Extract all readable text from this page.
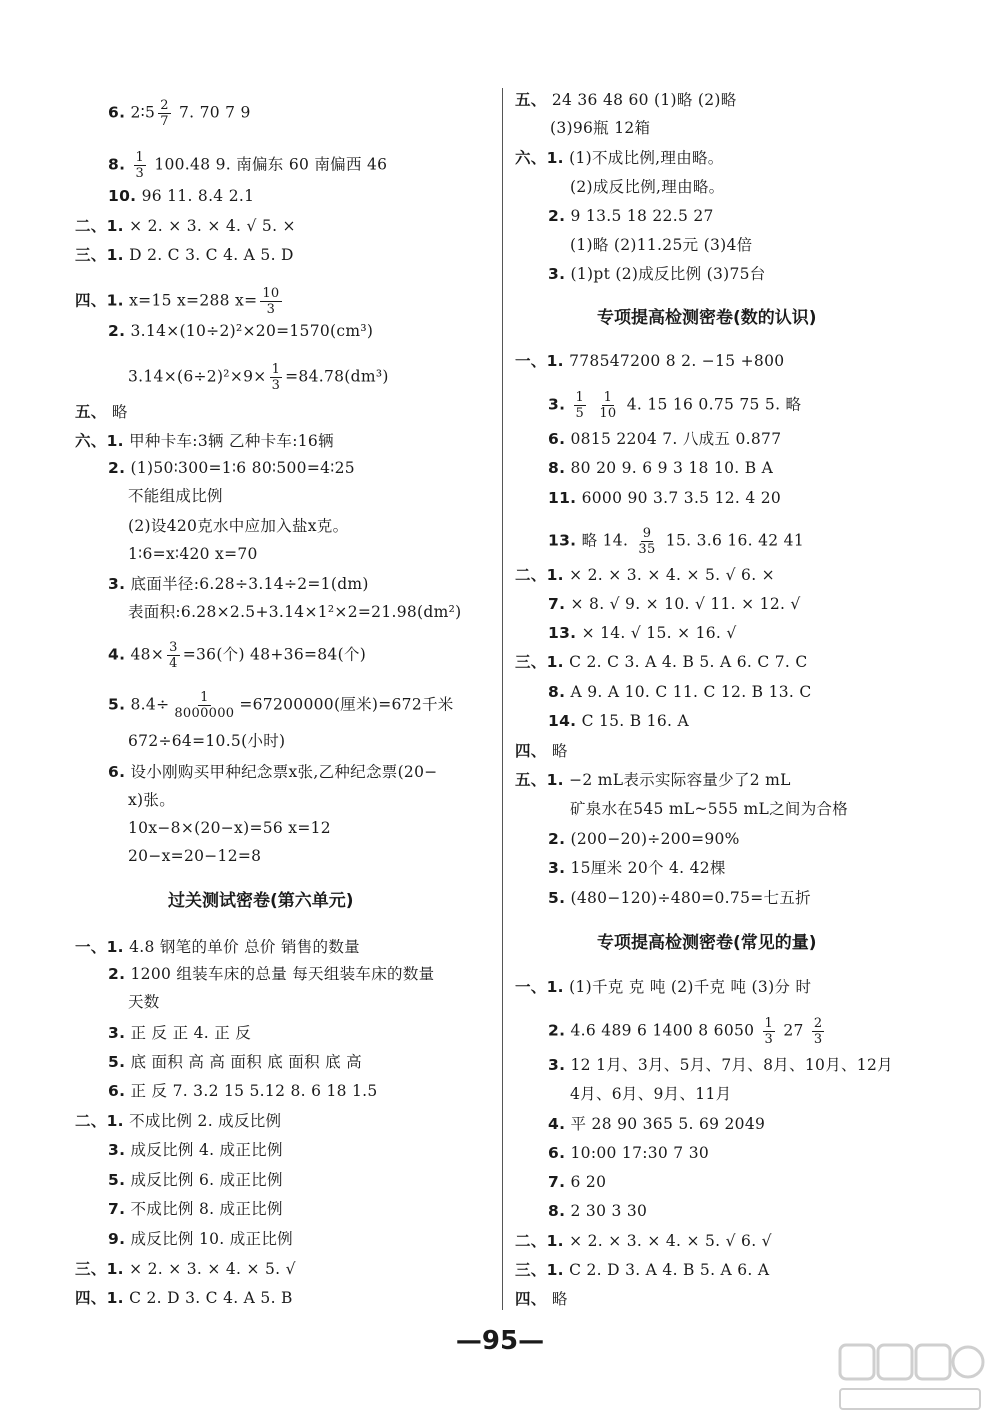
6. 2∶5 $\frac{2}{7} 7$. 70 7 9
8. $\frac{1}{3} 100.48$ 9. 南偏东 60 南偏西 46
10. 96 11. 8.4 2.1
二、1. × 2. × 3. × 4. √ 5. ×
三、1. D 2. C 3. C 4. A 5. D
四、1. x=15 x=288 $x= \frac{10}{3}$
2. 3.14×(10÷2)²×20=1570(cm³)
$3.14\times(6\div 2)^2\times 9\times \frac{1}{3} =84.78(dm^3)$
五、 略
六、1. 甲种卡车:3辆 乙种卡车:16辆
2. (1)50∶300=1∶6 80∶500=4∶25
不能组成比例
(2)设420克水中应加入盐x克。
1∶6=x∶420 x=70
3. 底面半径:6.28÷3.14÷2=1(dm)
表面积:6.28×2.5+3.14×1²×2=21.98(dm²)
4. $48\times \frac{3}{4} =36$(个) 48+36=84(个)
5. $8.4\div \frac{1}{8000000} =67200000$(厘米)=672千米
672÷64=10.5(小时)
6. 设小刚购买甲种纪念票x张,乙种纪念票(20−
x)张。
10x−8×(20−x)=56 x=12
20−x=20−12=8
一、1. 4.8 钢笔的单价 总价 销售的数量
2. 1200 组装车床的总量 每天组装车床的数量
天数
3. 正 反 正 4. 正 反
5. 底 面积 高 高 面积 底 面积 底 高
6. 正 反 7. 3.2 15 5.12 8. 6 18 1.5
二、1. 不成比例 2. 成反比例
3. 成反比例 4. 成正比例
5. 成反比例 6. 成正比例
7. 不成比例 8. 成正比例
9. 成反比例 10. 成正比例
三、1. × 2. × 3. × 4. × 5. √
四、1. C 2. D 3. C 4. A 5. B
五、 24 36 48 60 (1)略 (2)略
(3)96瓶 12箱
六、1. (1)不成比例,理由略。
(2)成反比例,理由略。
2. 9 13.5 18 22.5 27
(1)略 (2)11.25元 (3)4倍
3. (1)pt (2)成反比例 (3)75台
一、1. 778547200 8 2. −15 +800
3. $\frac{1}{5}$
$\frac{1}{10} 4$. 15 16 0.75 75 5. 略
6. 0815 2204 7. 八成五 0.877
8. 80 20 9. 6 9 3 18 10. B A
11. 6000 90 3.7 3.5 12. 4 20
13. 略 14. $\frac{9}{35} 15$. 3.6 16. 42 41
二、1. × 2. × 3. × 4. × 5. √ 6. ×
7. × 8. √ 9. × 10. √ 11. × 12. √
13. × 14. √ 15. × 16. √
三、1. C 2. C 3. A 4. B 5. A 6. C 7. C
8. A 9. A 10. C 11. C 12. B 13. C
14. C 15. B 16. A
四、 略
五、1. −2 mL表示实际容量少了2 mL
矿泉水在545 mL~555 mL之间为合格
2. (200−20)÷200=90%
3. 15厘米 20个 4. 42棵
5. (480−120)÷480=0.75=七五折
一、1. (1)千克 克 吨 (2)千克 吨 (3)分 时
2. 4.6 489 6 1400 8 $6050 \frac{1}{3} 27 \frac{2}{3}$
3. 12 1月、3月、5月、7月、8月、10月、12月
4月、6月、9月、11月
4. 平 28 90 365 5. 69 2049
6. 10:00 17:30 7 30
7. 6 20
8. 2 30 3 30
二、1. × 2. × 3. × 4. × 5. √ 6. √
三、1. C 2. D 3. A 4. B 5. A 6. A
四、 略
过关测试密卷(第六单元)
专项提高检测密卷(数的认识)
专项提高检测密卷(常见的量)
—95—
